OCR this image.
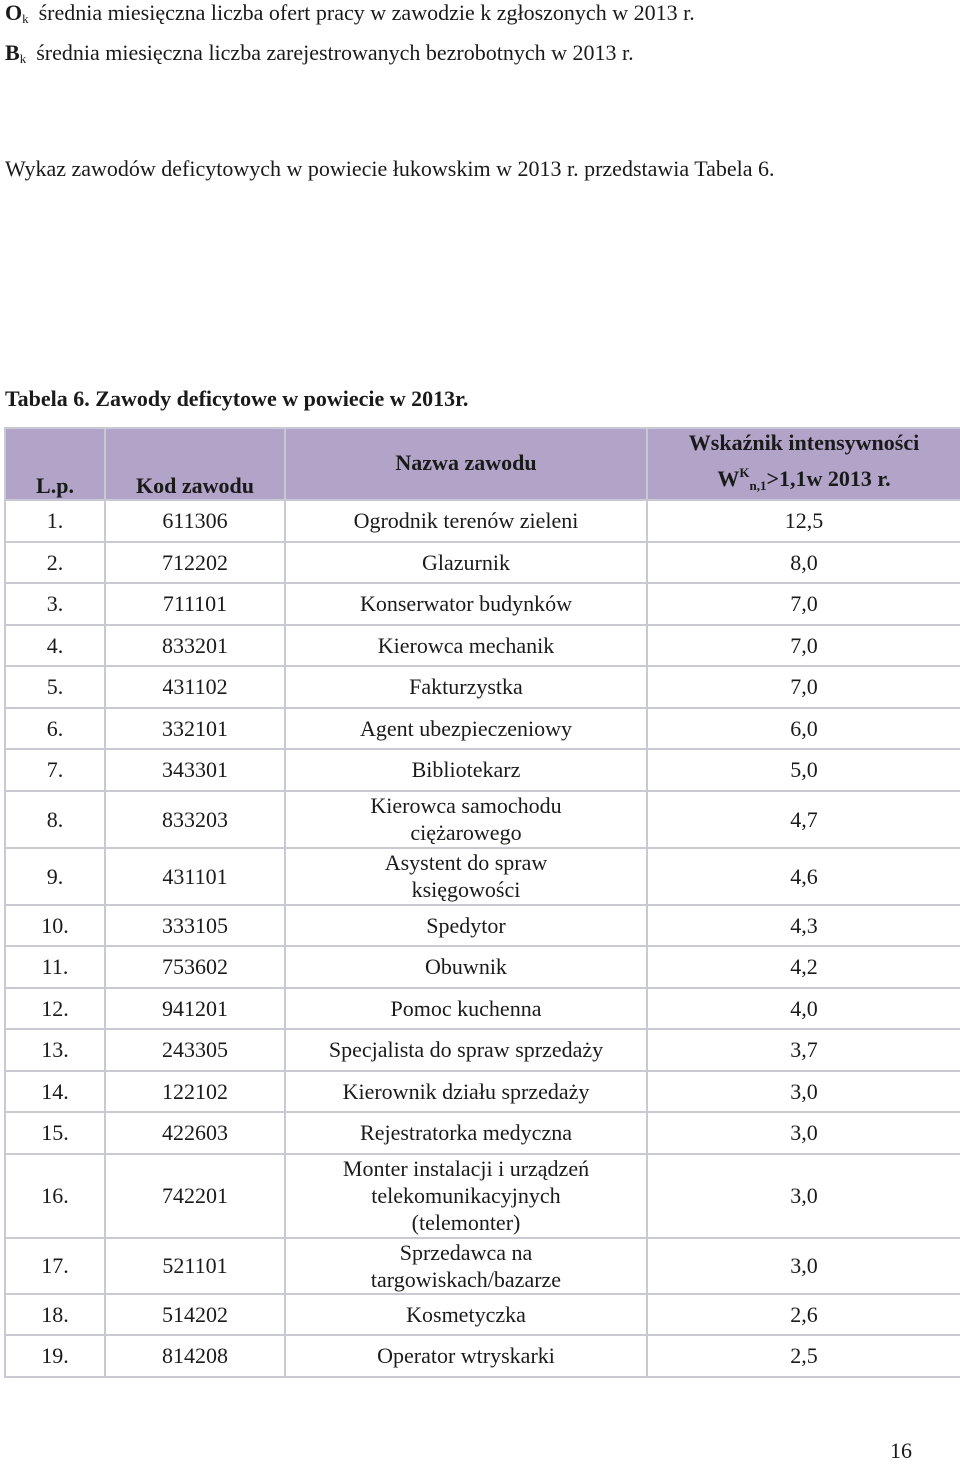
$O_k$ średnia miesięczna liczba ofert pracy w zawodzie k zgłoszonych w 2013 r.
$B_k$ średnia miesięczna liczba zarejestrowanych bezrobotnych w 2013 r.
Wykaz zawodów deficytowych w powiecie łukowskim w 2013 r. przedstawia Tabela 6.
Tabela 6. Zawody deficytowe w powiecie w 2013r.
L.p.	Kod zawodu	Nazwa zawodu	Wskaźnik intensywności
$W^K_{n,1}>1,1w$ 2013 r.

1.	611306	Ogrodnik terenów zieleni	12,5
2.	712202	Glazurnik	8,0
3.	711101	Konserwator budynków	7,0
4.	833201	Kierowca mechanik	7,0
5.	431102	Fakturzystka	7,0
6.	332101	Agent ubezpieczeniowy	6,0
7.	343301	Bibliotekarz	5,0
8.	833203	Kierowca samochodu
ciężarowego	4,7
9.	431101	Asystent do spraw
księgowości	4,6
10.	333105	Spedytor	4,3
11.	753602	Obuwnik	4,2
12.	941201	Pomoc kuchenna	4,0
13.	243305	Specjalista do spraw sprzedaży	3,7
14.	122102	Kierownik działu sprzedaży	3,0
15.	422603	Rejestratorka medyczna	3,0
16.	742201	Monter instalacji i urządzeń
telekomunikacyjnych
(telemonter)	3,0
17.	521101	Sprzedawca na
targowiskach/bazarze	3,0
18.	514202	Kosmetyczka	2,6
19.	814208	Operator wtryskarki	2,5
16
